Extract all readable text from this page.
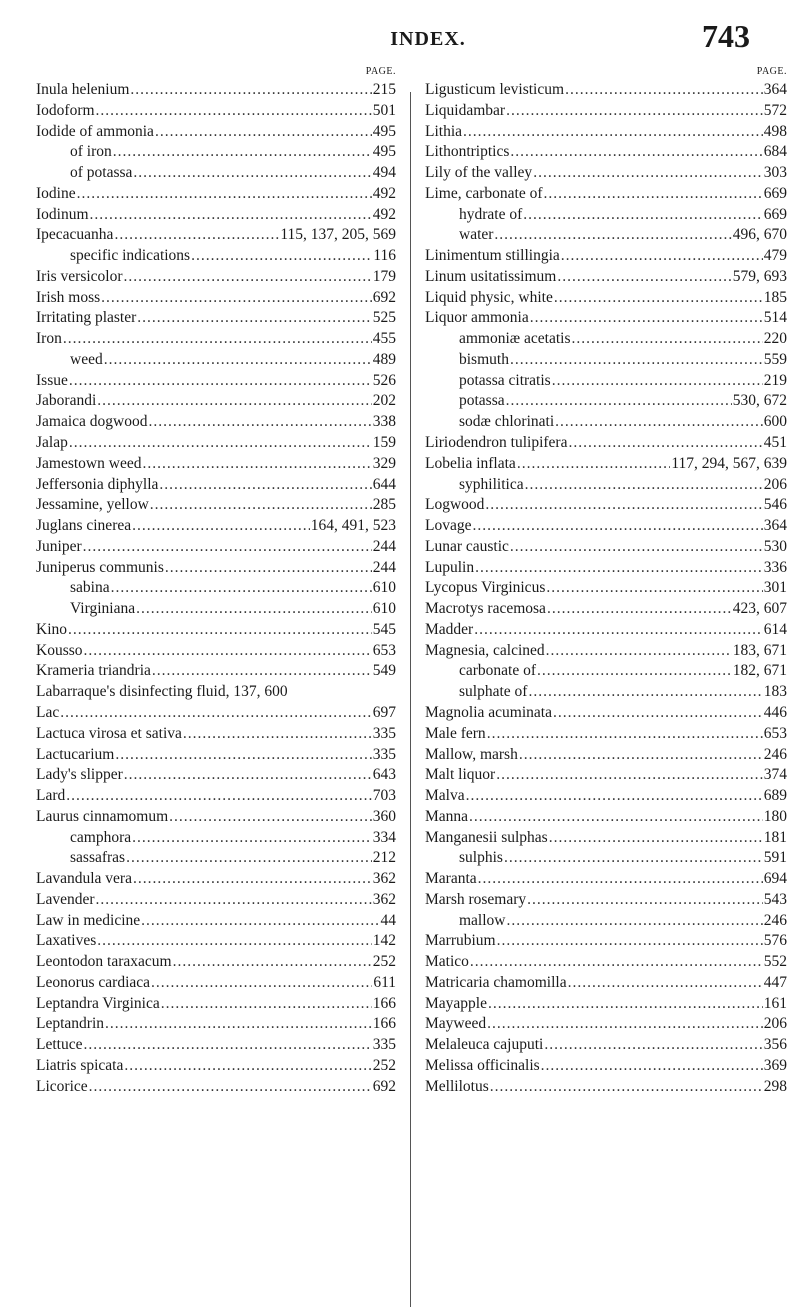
INDEX.	743
PAGE.
Inula helenium .....	215
Iodoform .....	501
Iodide of ammonia .....	495
of iron .....	495
of potassa .....	494
Iodine .....	492
Iodinum .....	492
Ipecacuanha .....	115, 137, 205, 569
specific indications .....	116
Iris versicolor .....	179
Irish moss .....	692
Irritating plaster .....	525
Iron .....	455
weed .....	489
Issue .....	526
Jaborandi .....	202
Jamaica dogwood .....	338
Jalap .....	159
Jamestown weed .....	329
Jeffersonia diphylla .....	644
Jessamine, yellow .....	285
Juglans cinerea .....	164, 491, 523
Juniper .....	244
Juniperus communis .....	244
sabina .....	610
Virginiana .....	610
Kino .....	545
Kousso .....	653
Krameria triandria .....	549
Labarraque's disinfecting fluid, 137, 600
Lac .....	697
Lactuca virosa et sativa .....	335
Lactucarium .....	335
Lady's slipper .....	643
Lard .....	703
Laurus cinnamomum .....	360
camphora .....	334
sassafras .....	212
Lavandula vera .....	362
Lavender .....	362
Law in medicine .....	44
Laxatives .....	142
Leontodon taraxacum .....	252
Leonorus cardiaca .....	611
Leptandra Virginica .....	166
Leptandrin .....	166
Lettuce .....	335
Liatris spicata .....	252
Licorice .....	692
PAGE.
Ligusticum levisticum .....	364
Liquidambar .....	572
Lithia .....	498
Lithontriptics .....	684
Lily of the valley .....	303
Lime, carbonate of .....	669
hydrate of .....	669
water .....	496, 670
Linimentum stillingia .....	479
Linum usitatissimum .....	579, 693
Liquid physic, white .....	185
Liquor ammonia .....	514
ammoniæ acetatis .....	220
bismuth .....	559
potassa citratis .....	219
potassa .....	530, 672
sodæ chlorinati .....	600
Liriodendron tulipifera .....	451
Lobelia inflata .....	117, 294, 567, 639
syphilitica .....	206
Logwood .....	546
Lovage .....	364
Lunar caustic .....	530
Lupulin .....	336
Lycopus Virginicus .....	301
Macrotys racemosa .....	423, 607
Madder .....	614
Magnesia, calcined .....	183, 671
carbonate of .....	182, 671
sulphate of .....	183
Magnolia acuminata .....	446
Male fern .....	653
Mallow, marsh .....	246
Malt liquor .....	374
Malva .....	689
Manna .....	180
Manganesii sulphas .....	181
sulphis .....	591
Maranta .....	694
Marsh rosemary .....	543
mallow .....	246
Marrubium .....	576
Matico .....	552
Matricaria chamomilla .....	447
Mayapple .....	161
Mayweed .....	206
Melaleuca cajuputi .....	356
Melissa officinalis .....	369
Mellilotus .....	298
